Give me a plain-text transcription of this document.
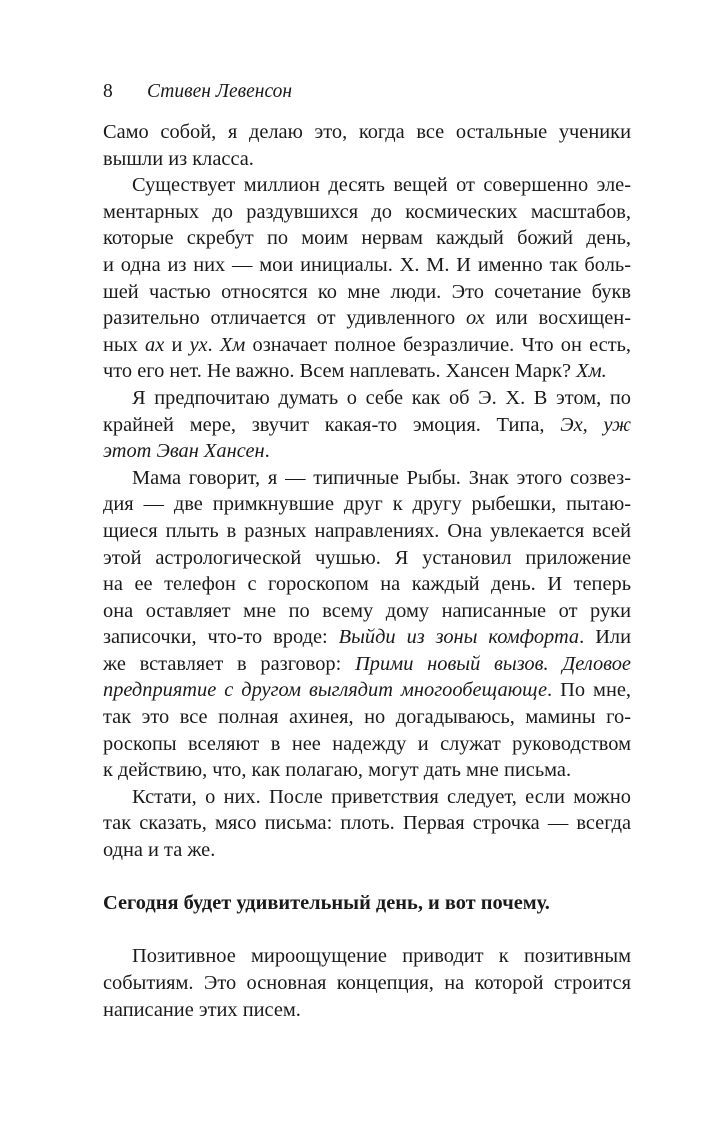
8 Стивен Левенсон
Само собой, я делаю это, когда все остальные ученики
вышли из класса.
Существует миллион десять вещей от совершенно эле-
ментарных до раздувшихся до космических масштабов,
которые скребут по моим нервам каждый божий день,
и одна из них — мои инициалы. Х. М. И именно так боль-
шей частью относятся ко мне люди. Это сочетание букв
разительно отличается от удивленного ох или восхищен-
ных ах и ух. Хм означает полное безразличие. Что он есть,
что его нет. Не важно. Всем наплевать. Хансен Марк? Хм.
Я предпочитаю думать о себе как об Э. Х. В этом, по
крайней мере, звучит какая-то эмоция. Типа, Эх, уж
этот Эван Хансен.
Мама говорит, я — типичные Рыбы. Знак этого созвез-
дия — две примкнувшие друг к другу рыбешки, пытаю-
щиеся плыть в разных направлениях. Она увлекается всей
этой астрологической чушью. Я установил приложение
на ее телефон с гороскопом на каждый день. И теперь
она оставляет мне по всему дому написанные от руки
записочки, что-то вроде: Выйди из зоны комфорта. Или
же вставляет в разговор: Прими новый вызов. Деловое
предприятие с другом выглядит многообещающе. По мне,
так это все полная ахинея, но догадываюсь, мамины го-
роскопы вселяют в нее надежду и служат руководством
к действию, что, как полагаю, могут дать мне письма.
Кстати, о них. После приветствия следует, если можно
так сказать, мясо письма: плоть. Первая строчка — всегда
одна и та же.
Сегодня будет удивительный день, и вот почему.
Позитивное мироощущение приводит к позитивным
событиям. Это основная концепция, на которой строится
написание этих писем.
